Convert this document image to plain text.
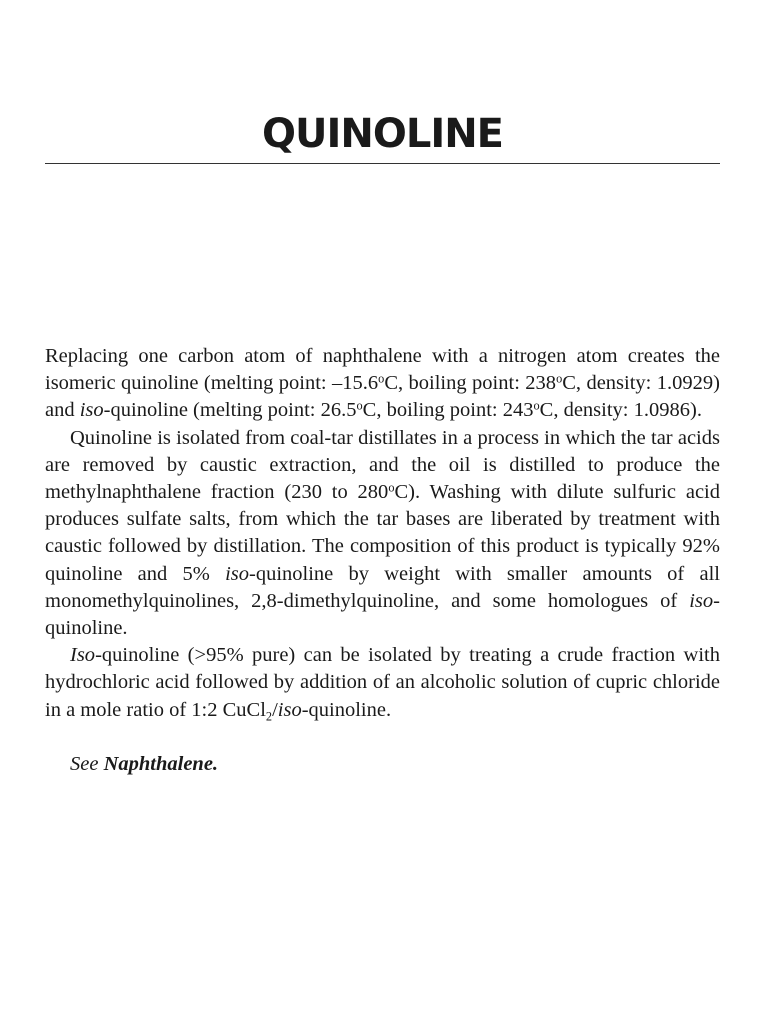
QUINOLINE

Replacing one carbon atom of naphthalene with a nitrogen atom creates the isomeric quinoline (melting point: –15.6$^o$C, boiling point: 238$^o$C, density: 1.0929) and iso-quinoline (melting point: 26.5$^o$C, boiling point: 243$^o$C, density: 1.0986).

Quinoline is isolated from coal-tar distillates in a process in which the tar acids are removed by caustic extraction, and the oil is distilled to produce the methylnaphthalene fraction (230 to 280$^o$C). Washing with dilute sulfuric acid produces sulfate salts, from which the tar bases are liberated by treatment with caustic followed by distillation. The composition of this product is typically 92% quinoline and 5% iso-quinoline by weight with smaller amounts of all monomethylquinolines, 2,8-dimethylquinoline, and some homologues of iso-quinoline.

Iso-quinoline (>95% pure) can be isolated by treating a crude fraction with hydrochloric acid followed by addition of an alcoholic solution of cupric chloride in a mole ratio of 1:2 CuCl$_2$/iso-quinoline.

See Naphthalene.
